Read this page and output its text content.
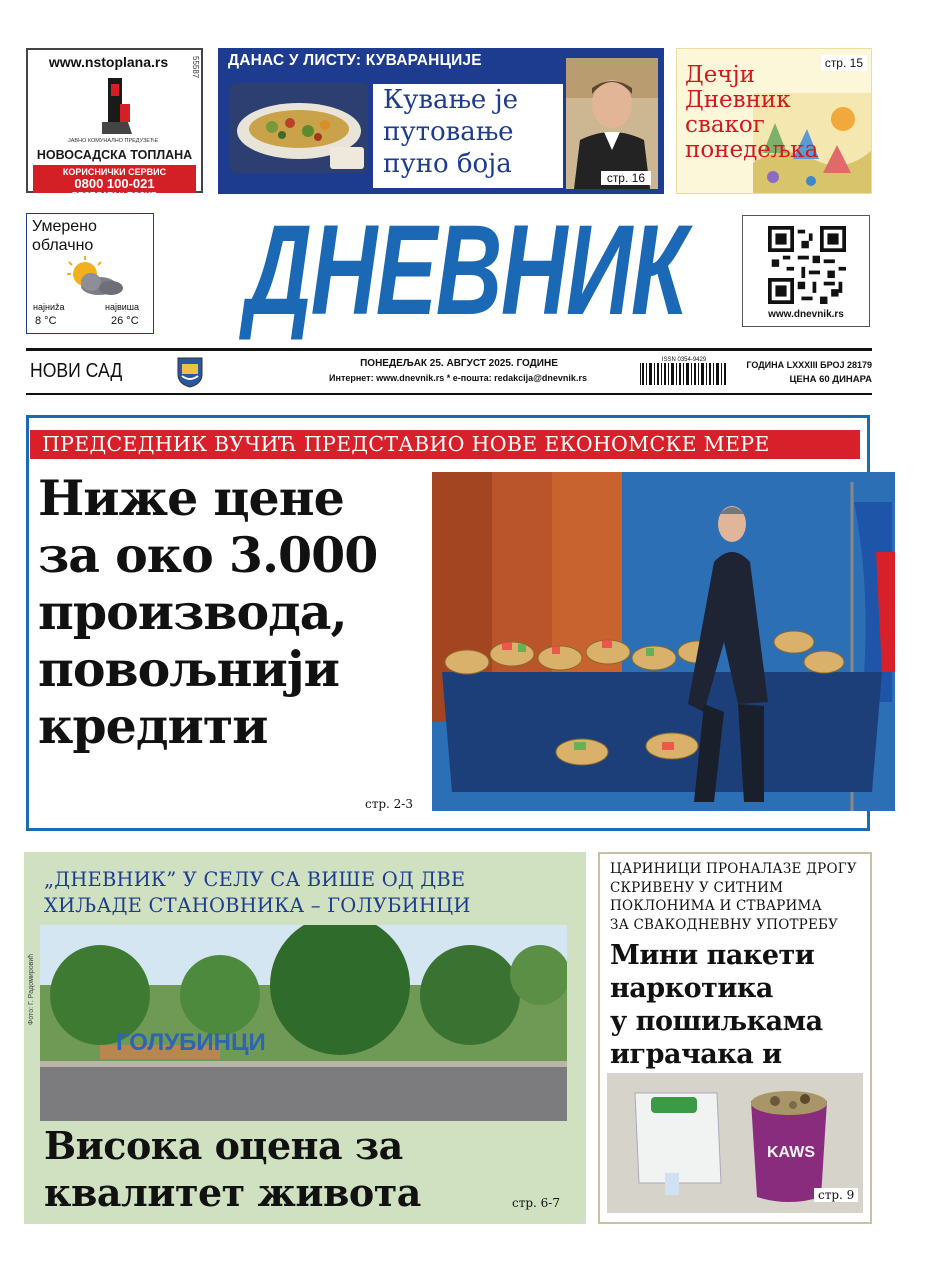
www.nstoplana.rs	55587
ЈАВНО КОМУНАЛНО ПРЕДУЗЕЋЕ
НОВОСАДСКА ТОПЛАНА
КОРИСНИЧКИ СЕРВИС
0800 100-021
БЕСПЛАТАН ПОЗИВ
ДАНАС У ЛИСТУ: КУВАРАНЦИЈЕ
Кување је
путовање
пуно боја	стр. 16
Дечји
Дневник
сваког
понедељка
стр. 15
Умерено
облачно
најниža
8 °C
највиша
26 °C ДНЕВНИК	www.dnevnik.rs
НОВИ САД	ПОНЕДЕЉАК 25. АВГУСТ 2025. ГОДИНЕ
Интернет: www.dnevnik.rs * е-пошта: redakcija@dnevnik.rs
ISSN 0354-9429	ГОДИНА LXXXIII БРОЈ 28179
ЦЕНА 60 ДИНАРА
ПРЕДСЕДНИК ВУЧИЋ ПРЕДСТАВИО НОВЕ ЕКОНОМСКЕ МЕРЕ
Ниже цене
за око 3.000
производа,
повољнији
кредити
стр. 2-3
„ДНЕВНИК” У СЕЛУ СА ВИШЕ ОД ДВЕ
ХИЉАДЕ СТАНОВНИКА – ГОЛУБИНЦИ
ГОЛУБИНЦИ
Фото: Г. Радомировић
Висока оцена за
квалитет живота	стр. 6-7
ЦАРИНИЦИ ПРОНАЛАЗЕ ДРОГУ
СКРИВЕНУ У СИТНИМ
ПОКЛОНИМА И СТВАРИМА
ЗА СВАКОДНЕВНУ УПОТРЕБУ
Мини пакети
наркотика
у пошиљкама
играчака и
KAWS
стр. 9
